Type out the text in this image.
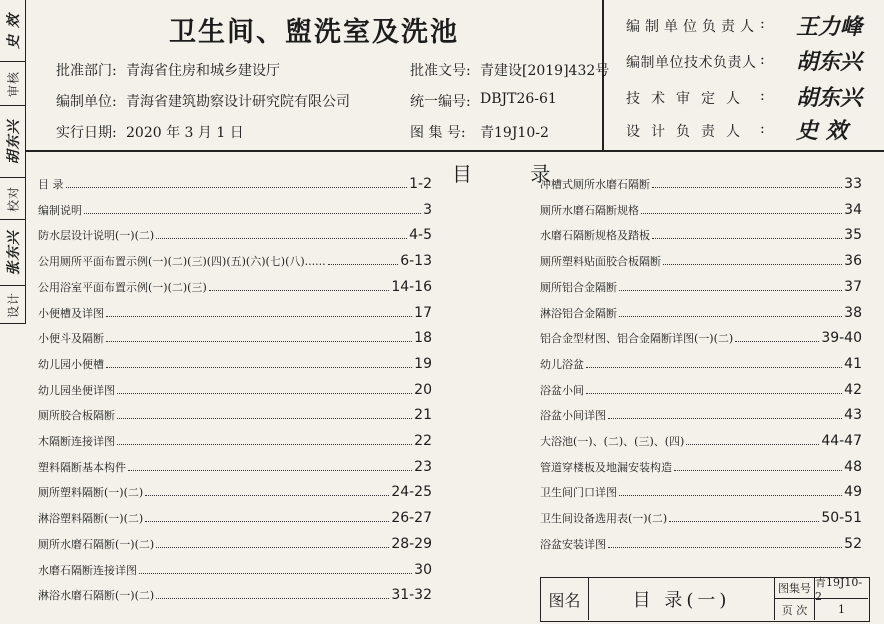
史 效
审核
胡东兴
校对
张东兴
设计
卫生间、盥洗室及洗池
批准部门: 青海省住房和城乡建设厅
编制单位: 青海省建筑勘察设计研究院有限公司
实行日期: 2020 年 3 月 1 日
批准文号: 青建设[2019]432号
统一编号: DBJT26-61
图 集 号: 青19J10-2
编制单位负责人 : 王力峰
编制单位技术负责人 : 胡东兴
技术审定人 : 胡东兴
设计负责人 : 史 效
目 录
目 录	1-2
编制说明	3
防水层设计说明(一)(二)	4-5
公用厕所平面布置示例(一)(二)(三)(四)(五)(六)(七)(八)......	6-13
公用浴室平面布置示例(一)(二)(三)	14-16
小便槽及详图	17
小便斗及隔断	18
幼儿园小便槽	19
幼儿园坐便详图	20
厕所胶合板隔断	21
木隔断连接详图	22
塑料隔断基本构件	23
厕所塑料隔断(一)(二)	24-25
淋浴塑料隔断(一)(二)	26-27
厕所水磨石隔断(一)(二)	28-29
水磨石隔断连接详图	30
淋浴水磨石隔断(一)(二)	31-32
冲槽式厕所水磨石隔断	33
厕所水磨石隔断规格	34
水磨石隔断规格及踏板	35
厕所塑料贴面胶合板隔断	36
厕所铝合金隔断	37
淋浴铝合金隔断	38
铝合金型材图、铝合金隔断详图(一)(二)	39-40
幼儿浴盆	41
浴盆小间	42
浴盆小间详图	43
大浴池(一)、(二)、(三)、(四)	44-47
管道穿楼板及地漏安装构造	48
卫生间门口详图	49
卫生间设备选用表(一)(二)	50-51
浴盆安装详图	52
图名	目 录(一)
图集号 青19J10-2
页 次	1
